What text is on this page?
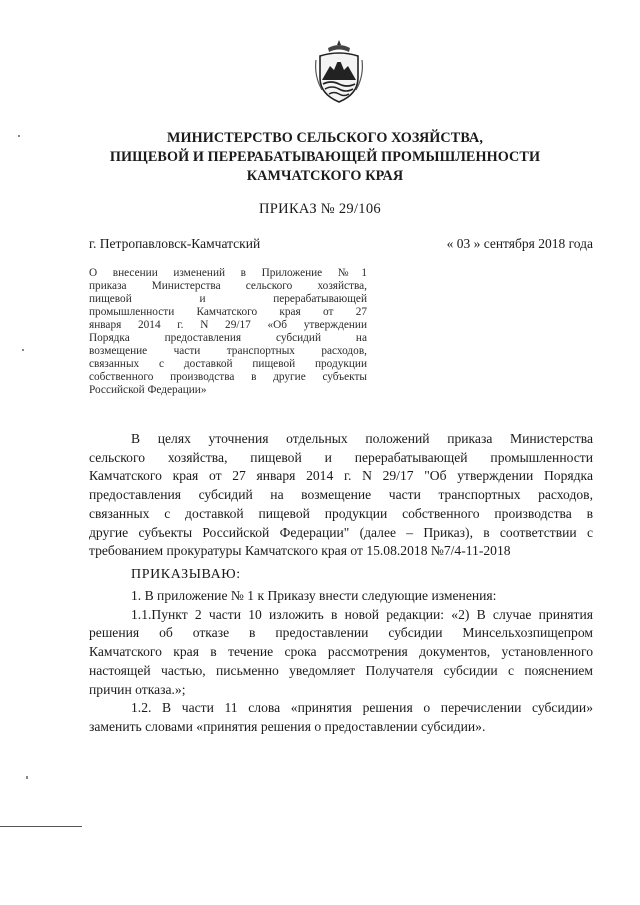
МИНИСТЕРСТВО СЕЛЬСКОГО ХОЗЯЙСТВА,
ПИЩЕВОЙ И ПЕРЕРАБАТЫВАЮЩЕЙ ПРОМЫШЛЕННОСТИ
КАМЧАТСКОГО КРАЯ
ПРИКАЗ № 29/106
г. Петропавловск-Камчатский	« 03 » сентября 2018 года
О внесении изменений в Приложение №1
приказа Министерства сельского хозяйства,
пищевой и перерабатывающей
промышленности Камчатского края от 27
января 2014 г. N 29/17 «Об утверждении
Порядка предоставления субсидий на
возмещение части транспортных расходов,
связанных с доставкой пищевой продукции
собственного производства в другие субъекты
Российской Федерации»
В целях уточнения отдельных положений приказа Министерства
сельского хозяйства, пищевой и перерабатывающей промышленности
Камчатского края от 27 января 2014 г. N 29/17 "Об утверждении Порядка
предоставления субсидий на возмещение части транспортных расходов,
связанных с доставкой пищевой продукции собственного производства в
другие субъекты Российской Федерации" (далее – Приказ), в соответствии с
требованием прокуратуры Камчатского края от 15.08.2018 №7/4-11-2018
ПРИКАЗЫВАЮ:
1. В приложение № 1 к Приказу внести следующие изменения:
1.1.Пункт 2 части 10 изложить в новой редакции: «2) В случае принятия
решения об отказе в предоставлении субсидии Минсельхозпищепром
Камчатского края в течение срока рассмотрения документов, установленного
настоящей частью, письменно уведомляет Получателя субсидии с пояснением
причин отказа.»;
1.2. В части 11 слова «принятия решения о перечислении субсидии»
заменить словами «принятия решения о предоставлении субсидии».
